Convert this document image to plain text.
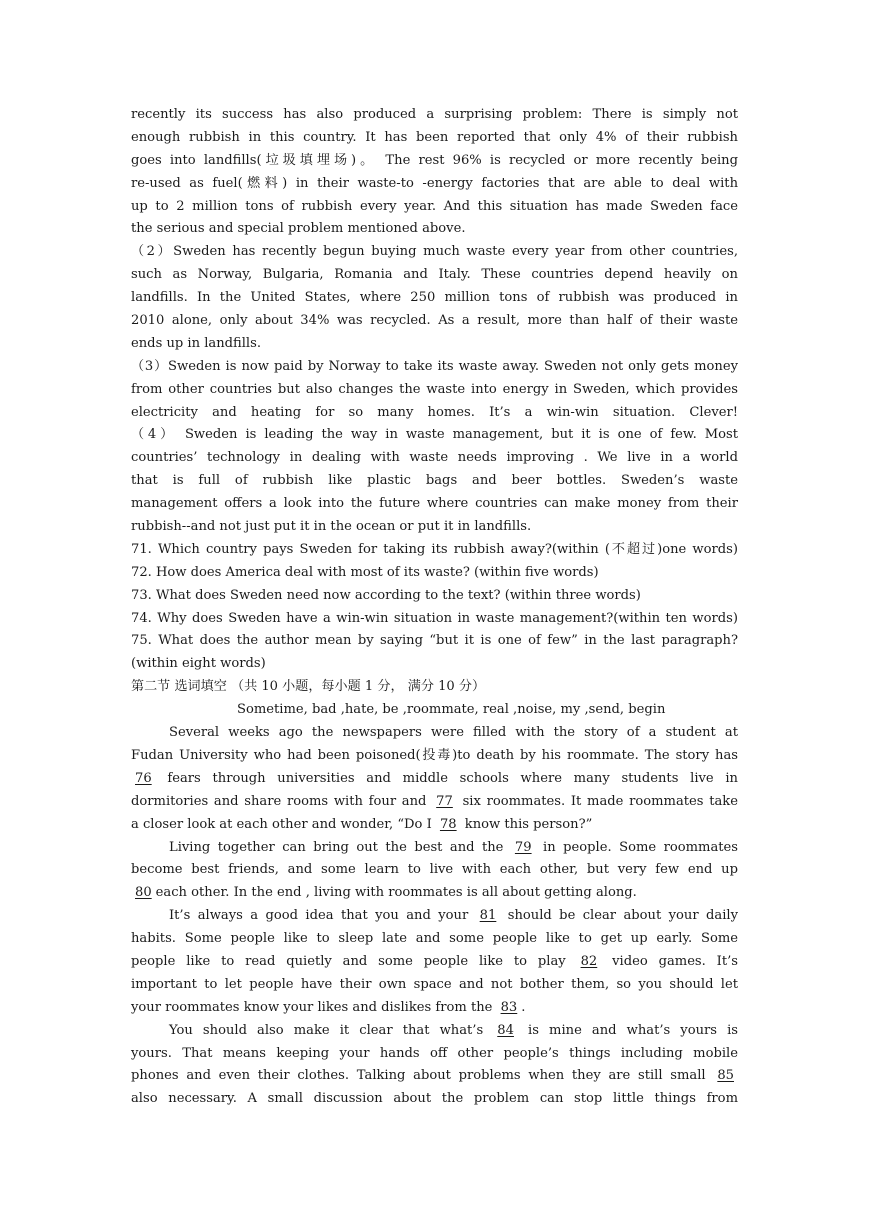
recently its success has also produced a surprising problem: There is simply not
enough rubbish in this country. It has been reported that only 4% of their rubbish
goes into landfills(垃圾填埋场)。 The rest 96% is recycled or more recently being
re-used as fuel(燃料) in their waste-to -energy factories that are able to deal with
up to 2 million tons of rubbish every year. And this situation has made Sweden face
the serious and special problem mentioned above.
（2）Sweden has recently begun buying much waste every year from other countries,
such as Norway, Bulgaria, Romania and Italy. These countries depend heavily on
landfills. In the United States, where 250 million tons of rubbish was produced in
2010 alone, only about 34% was recycled. As a result, more than half of their waste
ends up in landfills.
（3）Sweden is now paid by Norway to take its waste away. Sweden not only gets money
from other countries but also changes the waste into energy in Sweden, which provides
electricity and heating for so many homes. It’s a win-win situation. Clever!
（4） Sweden is leading the way in waste management, but it is one of few. Most
countries’ technology in dealing with waste needs improving . We live in a world
that is full of rubbish like plastic bags and beer bottles. Sweden’s waste
management offers a look into the future where countries can make money from their
rubbish--and not just put it in the ocean or put it in landfills.
71. Which country pays Sweden for taking its rubbish away?(within (不超过)one words)
72. How does America deal with most of its waste? (within five words)
73. What does Sweden need now according to the text? (within three words)
74. Why does Sweden have a win-win situation in waste management?(within ten words)
75. What does the author mean by saying “but it is one of few” in the last paragraph?
(within eight words)
第二节 选词填空 （共 10 小题，每小题 1 分， 满分 10 分）
Sometime, bad ,hate, be ,roommate, real ,noise, my ,send, begin
Several weeks ago the newspapers were filled with the story of a student at
Fudan University who had been poisoned(投毒)to death by his roommate. The story has
76 fears through universities and middle schools where many students live in
dormitories and share rooms with four and 77 six roommates. It made roommates take
a closer look at each other and wonder, “Do I 78 know this person?”
Living together can bring out the best and the 79 in people. Some roommates
become best friends, and some learn to live with each other, but very few end up
80 each other. In the end , living with roommates is all about getting along.
It’s always a good idea that you and your 81 should be clear about your daily
habits. Some people like to sleep late and some people like to get up early. Some
people like to read quietly and some people like to play 82 video games. It’s
important to let people have their own space and not bother them, so you should let
your roommates know your likes and dislikes from the 83 .
You should also make it clear that what’s 84 is mine and what’s yours is
yours. That means keeping your hands off other people’s things including mobile
phones and even their clothes. Talking about problems when they are still small 85
also necessary. A small discussion about the problem can stop little things from
